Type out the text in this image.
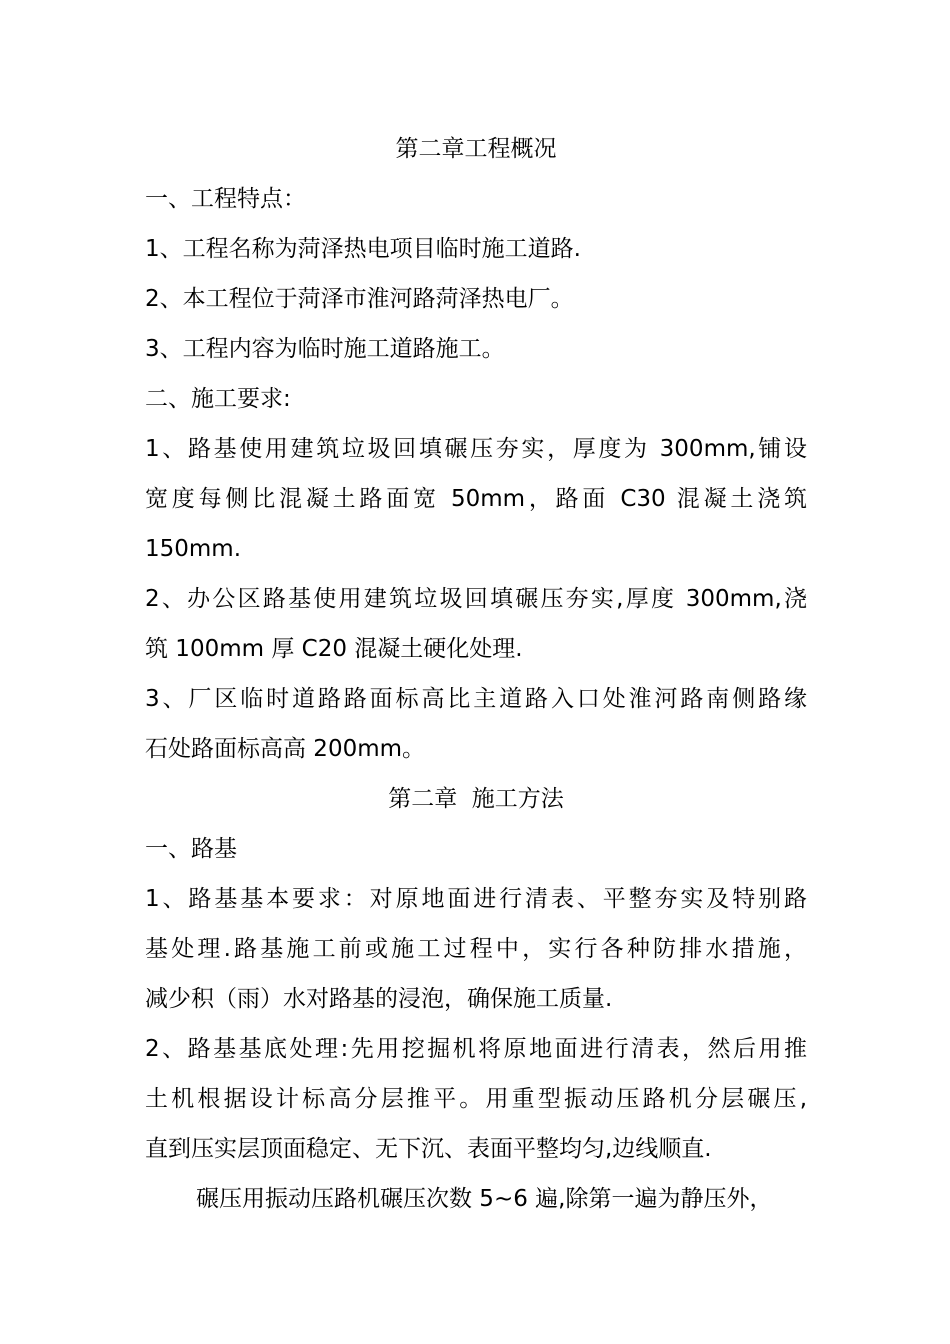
第二章工程概况
一、工程特点：
1、工程名称为菏泽热电项目临时施工道路.
2、本工程位于菏泽市淮河路菏泽热电厂。
3、工程内容为临时施工道路施工。
二、施工要求:
1、路基使用建筑垃圾回填碾压夯实，厚度为 300mm,铺设
宽度每侧比混凝土路面宽 50mm，路面 C30 混凝土浇筑
150mm.
2、办公区路基使用建筑垃圾回填碾压夯实,厚度 300mm,浇
筑 100mm 厚 C20 混凝土硬化处理.
3、厂区临时道路路面标高比主道路入口处淮河路南侧路缘
石处路面标高高 200mm。
第二章  施工方法
一、路基
1、路基基本要求：对原地面进行清表、平整夯实及特别路
基处理.路基施工前或施工过程中，实行各种防排水措施，
减少积（雨）水对路基的浸泡，确保施工质量.
2、路基基底处理:先用挖掘机将原地面进行清表，然后用推
土机根据设计标高分层推平。用重型振动压路机分层碾压,
直到压实层顶面稳定、无下沉、表面平整均匀,边线顺直.
碾压用振动压路机碾压次数 5~6 遍,除第一遍为静压外，
